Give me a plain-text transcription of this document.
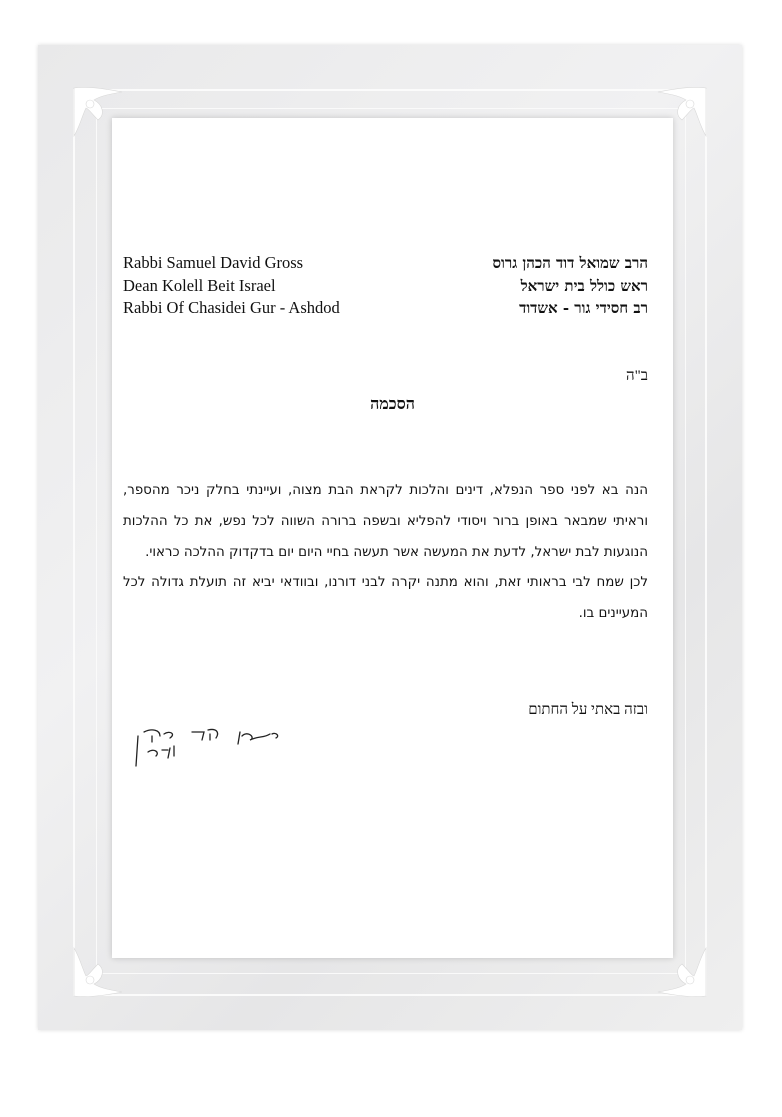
Rabbi Samuel David Gross
Dean Kolell Beit Israel
Rabbi Of Chasidei Gur - Ashdod
הרב שמואל דוד הכהן גרוס
ראש כולל בית ישראל
רב חסידי גור - אשדוד
ב"ה
הסכמה

הנה בא לפני ספר הנפלא, דינים והלכות לקראת הבת מצוה, ועיינתי בחלק ניכר מהספר, וראיתי שמבאר באופן ברור ויסודי להפליא ובשפה ברורה השווה לכל נפש, את כל ההלכות הנוגעות לבת ישראל, לדעת את המעשה אשר תעשה בחיי היום יום בדקדוק ההלכה כראוי.

לכן שמח לבי בראותי זאת, והוא מתנה יקרה לבני דורנו, ובוודאי יביא זה תועלת גדולה לכל המעיינים בו.

ובזה באתי על החתום
